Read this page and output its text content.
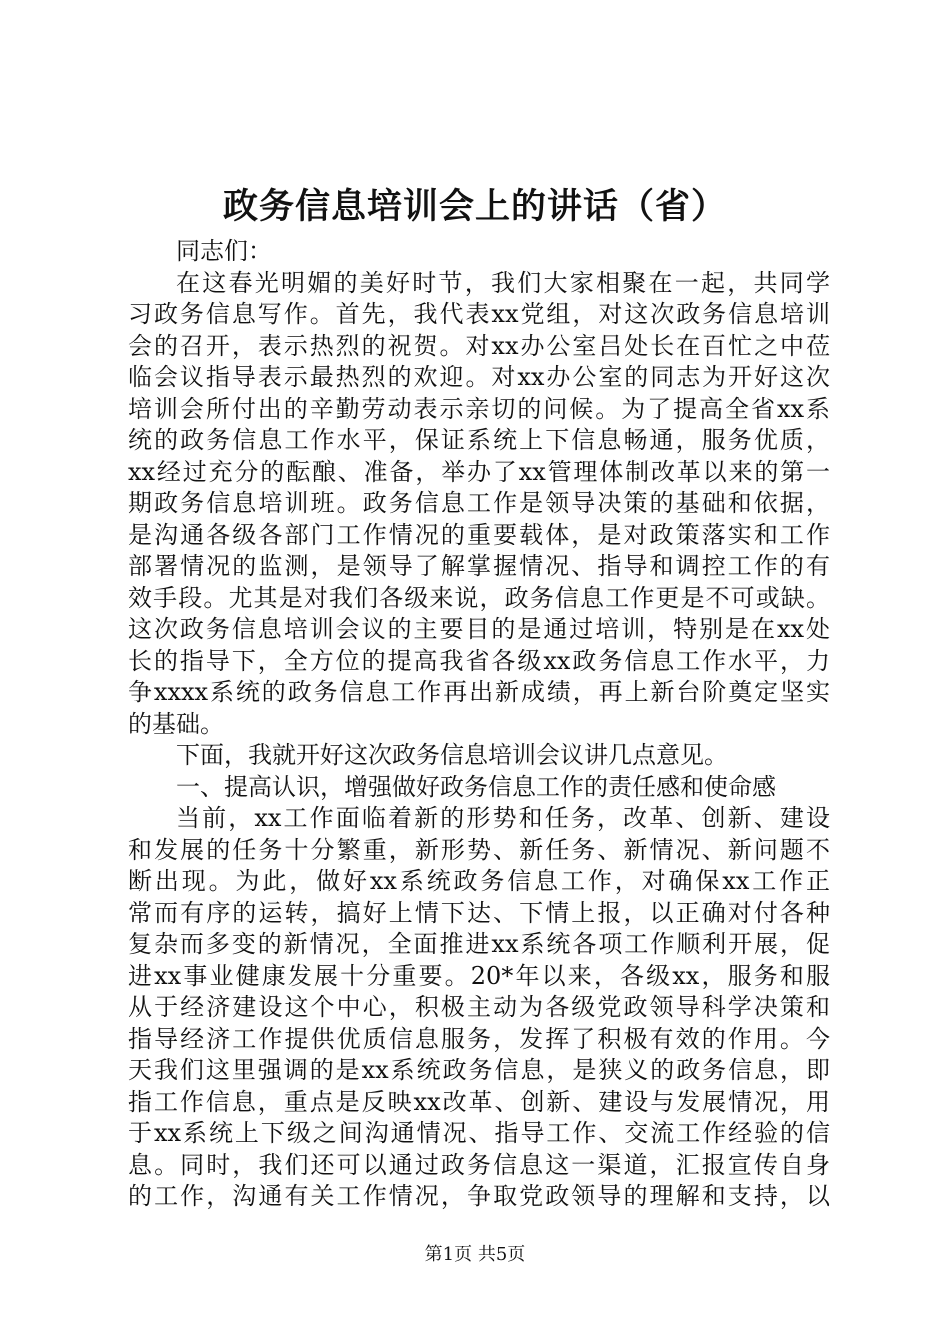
政务信息培训会上的讲话（省）
同志们：
在这春光明媚的美好时节，我们大家相聚在一起，共同学
习政务信息写作。首先，我代表xx党组，对这次政务信息培训
会的召开，表示热烈的祝贺。对xx办公室吕处长在百忙之中莅
临会议指导表示最热烈的欢迎。对xx办公室的同志为开好这次
培训会所付出的辛勤劳动表示亲切的问候。为了提高全省xx系
统的政务信息工作水平，保证系统上下信息畅通，服务优质，
xx经过充分的酝酿、准备，举办了xx管理体制改革以来的第一
期政务信息培训班。政务信息工作是领导决策的基础和依据，
是沟通各级各部门工作情况的重要载体，是对政策落实和工作
部署情况的监测，是领导了解掌握情况、指导和调控工作的有
效手段。尤其是对我们各级来说，政务信息工作更是不可或缺。
这次政务信息培训会议的主要目的是通过培训，特别是在xx处
长的指导下，全方位的提高我省各级xx政务信息工作水平，力
争xxxx系统的政务信息工作再出新成绩，再上新台阶奠定坚实
的基础。
下面，我就开好这次政务信息培训会议讲几点意见。
一、提高认识，增强做好政务信息工作的责任感和使命感
当前，xx工作面临着新的形势和任务，改革、创新、建设
和发展的任务十分繁重，新形势、新任务、新情况、新问题不
断出现。为此，做好xx系统政务信息工作，对确保xx工作正
常而有序的运转，搞好上情下达、下情上报，以正确对付各种
复杂而多变的新情况，全面推进xx系统各项工作顺利开展，促
进xx事业健康发展十分重要。20*年以来，各级xx，服务和服
从于经济建设这个中心，积极主动为各级党政领导科学决策和
指导经济工作提供优质信息服务，发挥了积极有效的作用。今
天我们这里强调的是xx系统政务信息，是狭义的政务信息，即
指工作信息，重点是反映xx改革、创新、建设与发展情况，用
于xx系统上下级之间沟通情况、指导工作、交流工作经验的信
息。同时，我们还可以通过政务信息这一渠道，汇报宣传自身
的工作，沟通有关工作情况，争取党政领导的理解和支持，以
第1页 共5页
